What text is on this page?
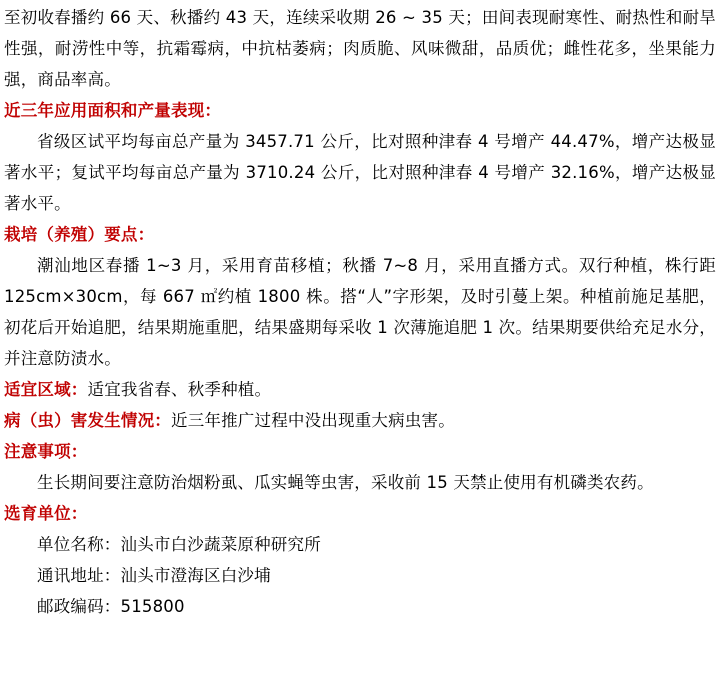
至初收春播约 66 天、秋播约 43 天，连续采收期 26 ~ 35 天；田间表现耐寒性、耐热性和耐旱性强，耐涝性中等，抗霜霉病，中抗枯萎病；肉质脆、风味微甜，品质优；雌性花多，坐果能力强，商品率高。

近三年应用面积和产量表现：

省级区试平均每亩总产量为 3457.71 公斤，比对照种津春 4 号增产 44.47%，增产达极显著水平；复试平均每亩总产量为 3710.24 公斤，比对照种津春 4 号增产 32.16%，增产达极显著水平。

栽培（养殖）要点：

潮汕地区春播 1~3 月，采用育苗移植；秋播 7~8 月，采用直播方式。双行种植，株行距 125cm×30cm，每 667 ㎡约植 1800 株。搭“人”字形架，及时引蔓上架。种植前施足基肥，初花后开始追肥，结果期施重肥，结果盛期每采收 1 次薄施追肥 1 次。结果期要供给充足水分，并注意防渍水。

适宜区域：适宜我省春、秋季种植。

病（虫）害发生情况：近三年推广过程中没出现重大病虫害。

注意事项：

生长期间要注意防治烟粉虱、瓜实蝇等虫害，采收前 15 天禁止使用有机磷类农药。

选育单位：

单位名称：汕头市白沙蔬菜原种研究所

通讯地址：汕头市澄海区白沙埔

邮政编码：515800
